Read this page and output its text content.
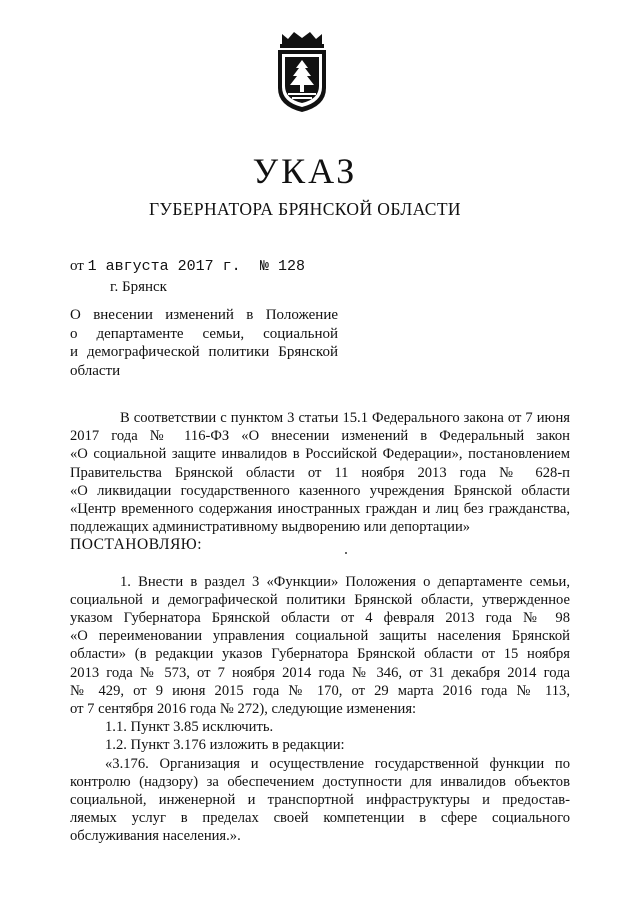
УКАЗ
ГУБЕРНАТОРА БРЯНСКОЙ ОБЛАСТИ
от 1 августа 2017 г. № 128
г. Брянск
О внесении изменений в Положение
о департаменте семьи, социальной
и демографической политики Брянской
области
В соответствии с пунктом 3 статьи 15.1 Федерального закона от 7 июня
2017 года № 116-ФЗ «О внесении изменений в Федеральный закон
«О социальной защите инвалидов в Российской Федерации», постановлением
Правительства Брянской области от 11 ноября 2013 года № 628-п
«О ликвидации государственного казенного учреждения Брянской области
«Центр временного содержания иностранных граждан и лиц без гражданства,
подлежащих административному выдворению или депортации»
ПОСТАНОВЛЯЮ:
1. Внести в раздел 3 «Функции» Положения о департаменте семьи,
социальной и демографической политики Брянской области, утвержденное
указом Губернатора Брянской области от 4 февраля 2013 года № 98
«О переименовании управления социальной защиты населения Брянской
области» (в редакции указов Губернатора Брянской области от 15 ноября
2013 года № 573, от 7 ноября 2014 года № 346, от 31 декабря 2014 года
№ 429, от 9 июня 2015 года № 170, от 29 марта 2016 года № 113,
от 7 сентября 2016 года № 272), следующие изменения:
1.1. Пункт 3.85 исключить.
1.2. Пункт 3.176 изложить в редакции:
«3.176. Организация и осуществление государственной функции по
контролю (надзору) за обеспечением доступности для инвалидов объектов
социальной, инженерной и транспортной инфраструктуры и предостав-
ляемых услуг в пределах своей компетенции в сфере социального
обслуживания населения.».
